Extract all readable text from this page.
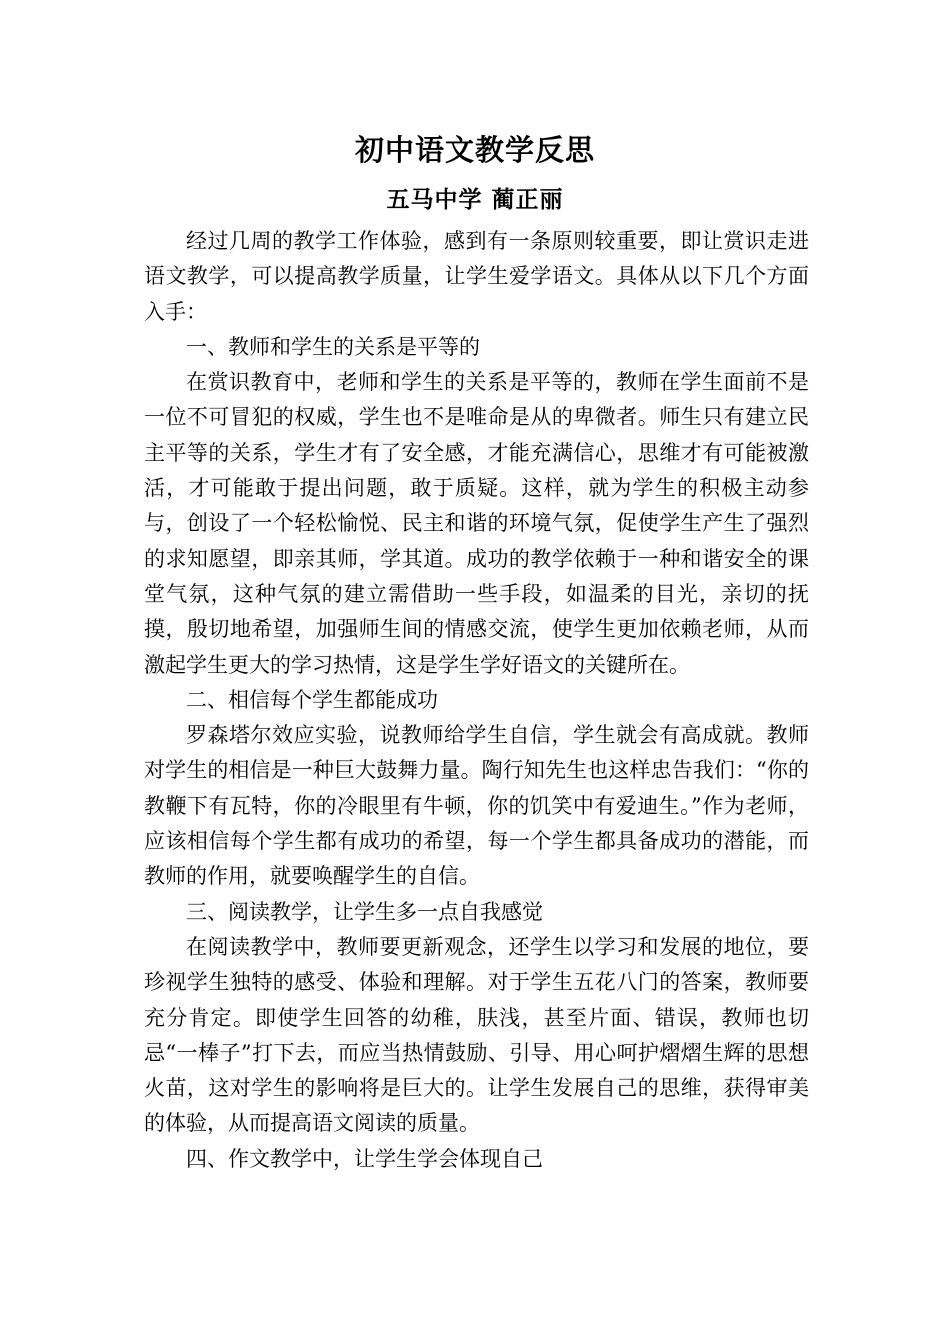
初中语文教学反思
五马中学 蔺正丽

经过几周的教学工作体验，感到有一条原则较重要，即让赏识走进语文教学，可以提高教学质量，让学生爱学语文。具体从以下几个方面入手：

一、教师和学生的关系是平等的

在赏识教育中，老师和学生的关系是平等的，教师在学生面前不是一位不可冒犯的权威，学生也不是唯命是从的卑微者。师生只有建立民主平等的关系，学生才有了安全感，才能充满信心，思维才有可能被激活，才可能敢于提出问题，敢于质疑。这样，就为学生的积极主动参与，创设了一个轻松愉悦、民主和谐的环境气氛，促使学生产生了强烈的求知愿望，即亲其师，学其道。成功的教学依赖于一种和谐安全的课堂气氛，这种气氛的建立需借助一些手段，如温柔的目光，亲切的抚摸，殷切地希望，加强师生间的情感交流，使学生更加依赖老师，从而激起学生更大的学习热情，这是学生学好语文的关键所在。

二、相信每个学生都能成功

罗森塔尔效应实验，说教师给学生自信，学生就会有高成就。教师对学生的相信是一种巨大鼓舞力量。陶行知先生也这样忠告我们：“你的教鞭下有瓦特，你的冷眼里有牛顿，你的饥笑中有爱迪生。”作为老师，应该相信每个学生都有成功的希望，每一个学生都具备成功的潜能，而教师的作用，就要唤醒学生的自信。

三、阅读教学，让学生多一点自我感觉

在阅读教学中，教师要更新观念，还学生以学习和发展的地位，要珍视学生独特的感受、体验和理解。对于学生五花八门的答案，教师要充分肯定。即使学生回答的幼稚，肤浅，甚至片面、错误，教师也切忌“一棒子”打下去，而应当热情鼓励、引导、用心呵护熠熠生辉的思想火苗，这对学生的影响将是巨大的。让学生发展自己的思维，获得审美的体验，从而提高语文阅读的质量。

四、作文教学中，让学生学会体现自己
